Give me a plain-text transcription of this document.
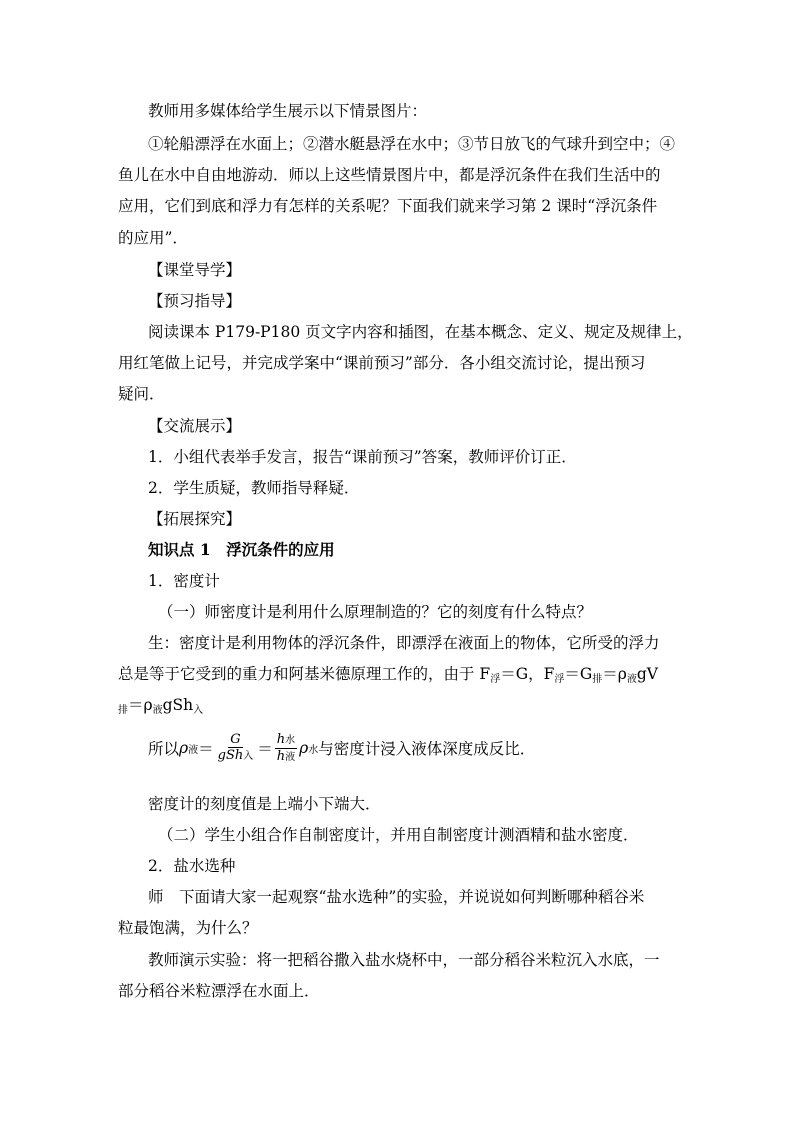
教师用多媒体给学生展示以下情景图片：
①轮船漂浮在水面上；②潜水艇悬浮在水中；③节日放飞的气球升到空中；④
鱼儿在水中自由地游动．师以上这些情景图片中，都是浮沉条件在我们生活中的
应用，它们到底和浮力有怎样的关系呢？下面我们就来学习第 2 课时“浮沉条件
的应用”．
【课堂导学】
【预习指导】
阅读课本 P179-P180 页文字内容和插图，在基本概念、定义、规定及规律上，
用红笔做上记号，并完成学案中“课前预习”部分．各小组交流讨论，提出预习
疑问．
【交流展示】
1．小组代表举手发言，报告“课前预习”答案，教师评价订正．
2．学生质疑，教师指导释疑．
【拓展探究】
知识点 1　浮沉条件的应用
1．密度计
（一）师密度计是利用什么原理制造的？它的刻度有什么特点？
生：密度计是利用物体的浮沉条件，即漂浮在液面上的物体，它所受的浮力
总是等于它受到的重力和阿基米德原理工作的，由于 $F_浮=G$，$F_浮=G_排=\rho_液gV$
$_排=\rho_液gSh_入$
所以 ρ 液 ＝ $\frac{G}{\text{gSh入}} = \frac{\text{h水}}{\text{h液}}$ ρ 水 与密度计浸入液体深度成反比．
密度计的刻度值是上端小下端大．
（二）学生小组合作自制密度计，并用自制密度计测酒精和盐水密度．
2．盐水选种
师　下面请大家一起观察“盐水选种”的实验，并说说如何判断哪种稻谷米
粒最饱满，为什么？
教师演示实验：将一把稻谷撒入盐水烧杯中，一部分稻谷米粒沉入水底，一
部分稻谷米粒漂浮在水面上．
